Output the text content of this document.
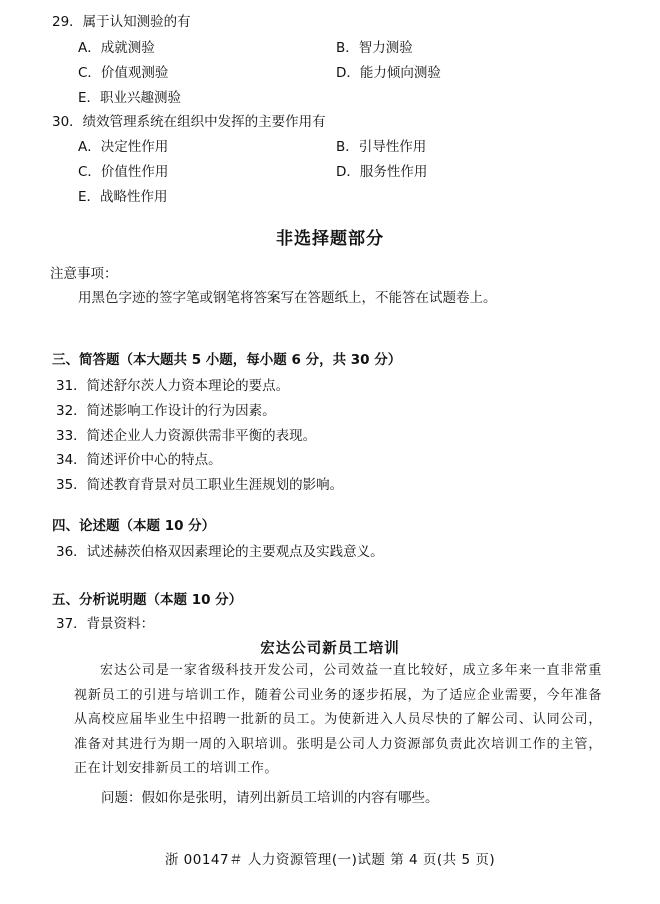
29．属于认知测验的有
A．成就测验	B．智力测验
C．价值观测验	D．能力倾向测验
E．职业兴趣测验
30．绩效管理系统在组织中发挥的主要作用有
A．决定性作用	B．引导性作用
C．价值性作用	D．服务性作用
E．战略性作用
非选择题部分
注意事项：
用黑色字迹的签字笔或钢笔将答案写在答题纸上，不能答在试题卷上。
三、简答题（本大题共 5 小题，每小题 6 分，共 30 分）
31．简述舒尔茨人力资本理论的要点。
32．简述影响工作设计的行为因素。
33．简述企业人力资源供需非平衡的表现。
34．简述评价中心的特点。
35．简述教育背景对员工职业生涯规划的影响。
四、论述题（本题 10 分）
36．试述赫茨伯格双因素理论的主要观点及实践意义。
五、分析说明题（本题 10 分）
37．背景资料：
宏达公司新员工培训
宏达公司是一家省级科技开发公司，公司效益一直比较好，成立多年来一直非常重视新员工的引进与培训工作，随着公司业务的逐步拓展，为了适应企业需要，今年准备从高校应届毕业生中招聘一批新的员工。为使新进入人员尽快的了解公司、认同公司，准备对其进行为期一周的入职培训。张明是公司人力资源部负责此次培训工作的主管，正在计划安排新员工的培训工作。
问题：假如你是张明，请列出新员工培训的内容有哪些。
浙 00147＃ 人力资源管理(一)试题 第 4 页(共 5 页)
